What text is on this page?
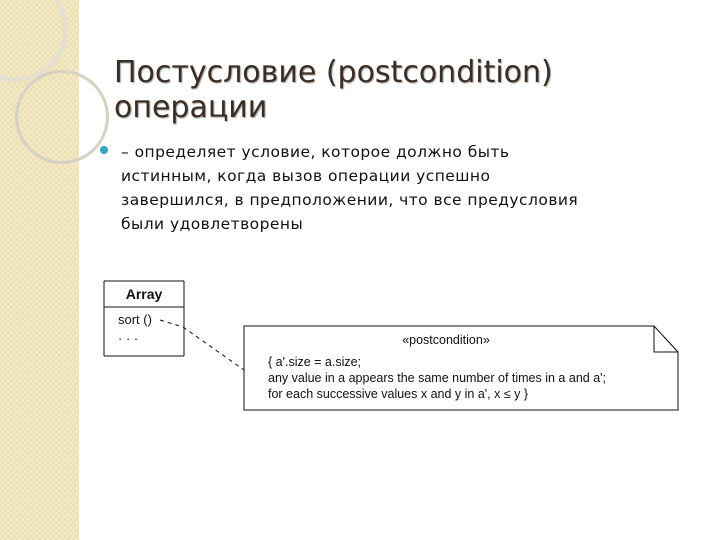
Постусловие (postcondition) операции

– определяет условие, которое должно быть
истинным, когда вызов операции успешно
завершился, в предположении, что все предусловия
были удовлетворены

Array
sort ()
· · ·	«postcondition»
{ a'.size = a.size;
any value in a appears the same number of times in a and a';
for each successive values x and y in a', x ≤ y }
